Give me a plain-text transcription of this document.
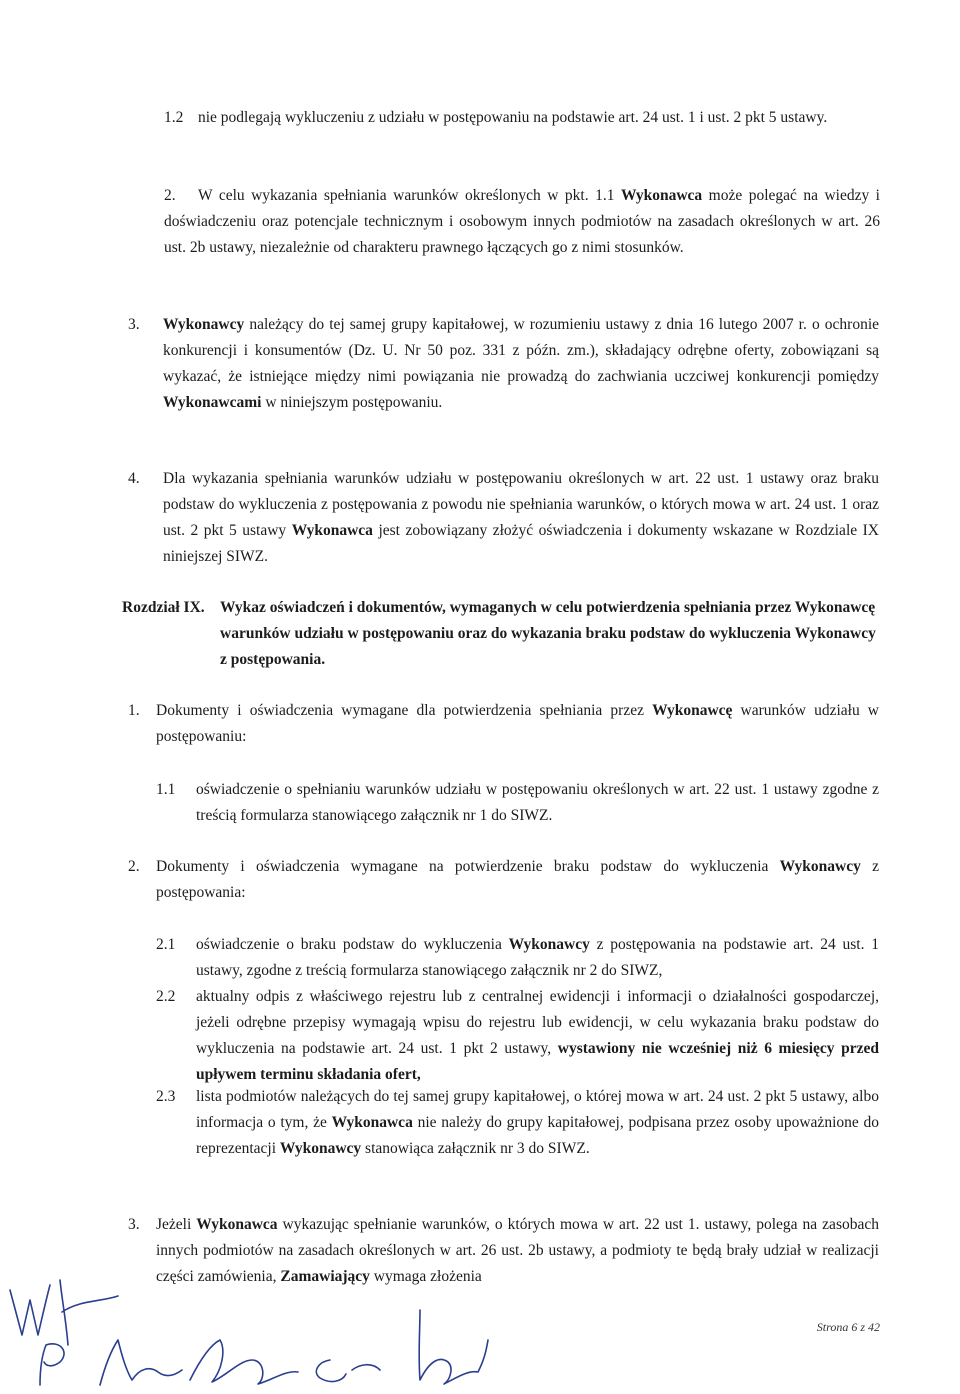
1.2 nie podlegają wykluczeniu z udziału w postępowaniu na podstawie art. 24 ust. 1 i ust. 2 pkt 5 ustawy.
2.	W celu wykazania spełniania warunków określonych w pkt. 1.1 Wykonawca może polegać na wiedzy i doświadczeniu oraz potencjale technicznym i osobowym innych podmiotów na zasadach określonych w art. 26 ust. 2b ustawy, niezależnie od charakteru prawnego łączących go z nimi stosunków.
3. Wykonawcy należący do tej samej grupy kapitałowej, w rozumieniu ustawy z dnia 16 lutego 2007 r. o ochronie konkurencji i konsumentów (Dz. U. Nr 50 poz. 331 z późn. zm.), składający odrębne oferty, zobowiązani są wykazać, że istniejące między nimi powiązania nie prowadzą do zachwiania uczciwej konkurencji pomiędzy Wykonawcami w niniejszym postępowaniu.
4. Dla wykazania spełniania warunków udziału w postępowaniu określonych w art. 22 ust. 1 ustawy oraz braku podstaw do wykluczenia z postępowania z powodu nie spełniania warunków, o których mowa w art. 24 ust. 1 oraz ust. 2 pkt 5 ustawy Wykonawca jest zobowiązany złożyć oświadczenia i dokumenty wskazane w Rozdziale IX niniejszej SIWZ.
Rozdział IX. Wykaz oświadczeń i dokumentów, wymaganych w celu potwierdzenia spełniania przez Wykonawcę warunków udziału w postępowaniu oraz do wykazania braku podstaw do wykluczenia Wykonawcy z postępowania.
1. Dokumenty i oświadczenia wymagane dla potwierdzenia spełniania przez Wykonawcę warunków udziału w postępowaniu:
1.1 oświadczenie o spełnianiu warunków udziału w postępowaniu określonych w art. 22 ust. 1 ustawy zgodne z treścią formularza stanowiącego załącznik nr 1 do SIWZ.
2. Dokumenty i oświadczenia wymagane na potwierdzenie braku podstaw do wykluczenia Wykonawcy z postępowania:
2.1 oświadczenie o braku podstaw do wykluczenia Wykonawcy z postępowania na podstawie art. 24 ust. 1 ustawy, zgodne z treścią formularza stanowiącego załącznik nr 2 do SIWZ,
2.2 aktualny odpis z właściwego rejestru lub z centralnej ewidencji i informacji o działalności gospodarczej, jeżeli odrębne przepisy wymagają wpisu do rejestru lub ewidencji, w celu wykazania braku podstaw do wykluczenia na podstawie art. 24 ust. 1 pkt 2 ustawy, wystawiony nie wcześniej niż 6 miesięcy przed upływem terminu składania ofert,
2.3 lista podmiotów należących do tej samej grupy kapitałowej, o której mowa w art. 24 ust. 2 pkt 5 ustawy, albo informacja o tym, że Wykonawca nie należy do grupy kapitałowej, podpisana przez osoby upoważnione do reprezentacji Wykonawcy stanowiąca załącznik nr 3 do SIWZ.
3. Jeżeli Wykonawca wykazując spełnianie warunków, o których mowa w art. 22 ust 1. ustawy, polega na zasobach innych podmiotów na zasadach określonych w art. 26 ust. 2b ustawy, a podmioty te będą brały udział w realizacji części zamówienia, Zamawiający wymaga złożenia
Strona 6 z 42
